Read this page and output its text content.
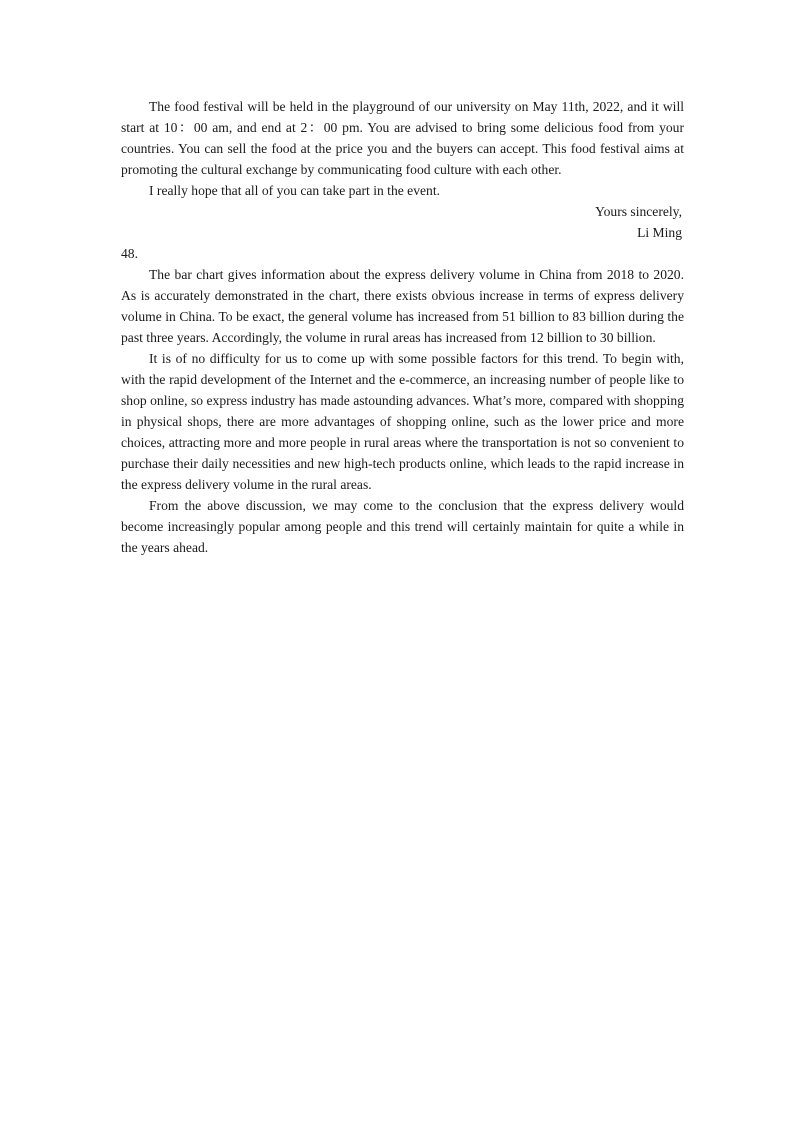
The food festival will be held in the playground of our university on May 11th, 2022, and it will start at 10：00 am, and end at 2：00 pm. You are advised to bring some delicious food from your countries. You can sell the food at the price you and the buyers can accept. This food festival aims at promoting the cultural exchange by communicating food culture with each other.

I really hope that all of you can take part in the event.

Yours sincerely,

Li Ming

48.

The bar chart gives information about the express delivery volume in China from 2018 to 2020. As is accurately demonstrated in the chart, there exists obvious increase in terms of express delivery volume in China. To be exact, the general volume has increased from 51 billion to 83 billion during the past three years. Accordingly, the volume in rural areas has increased from 12 billion to 30 billion.

It is of no difficulty for us to come up with some possible factors for this trend. To begin with, with the rapid development of the Internet and the e-commerce, an increasing number of people like to shop online, so express industry has made astounding advances. What’s more, compared with shopping in physical shops, there are more advantages of shopping online, such as the lower price and more choices, attracting more and more people in rural areas where the transportation is not so convenient to purchase their daily necessities and new high-tech products online, which leads to the rapid increase in the express delivery volume in the rural areas.

From the above discussion, we may come to the conclusion that the express delivery would become increasingly popular among people and this trend will certainly maintain for quite a while in the years ahead.
